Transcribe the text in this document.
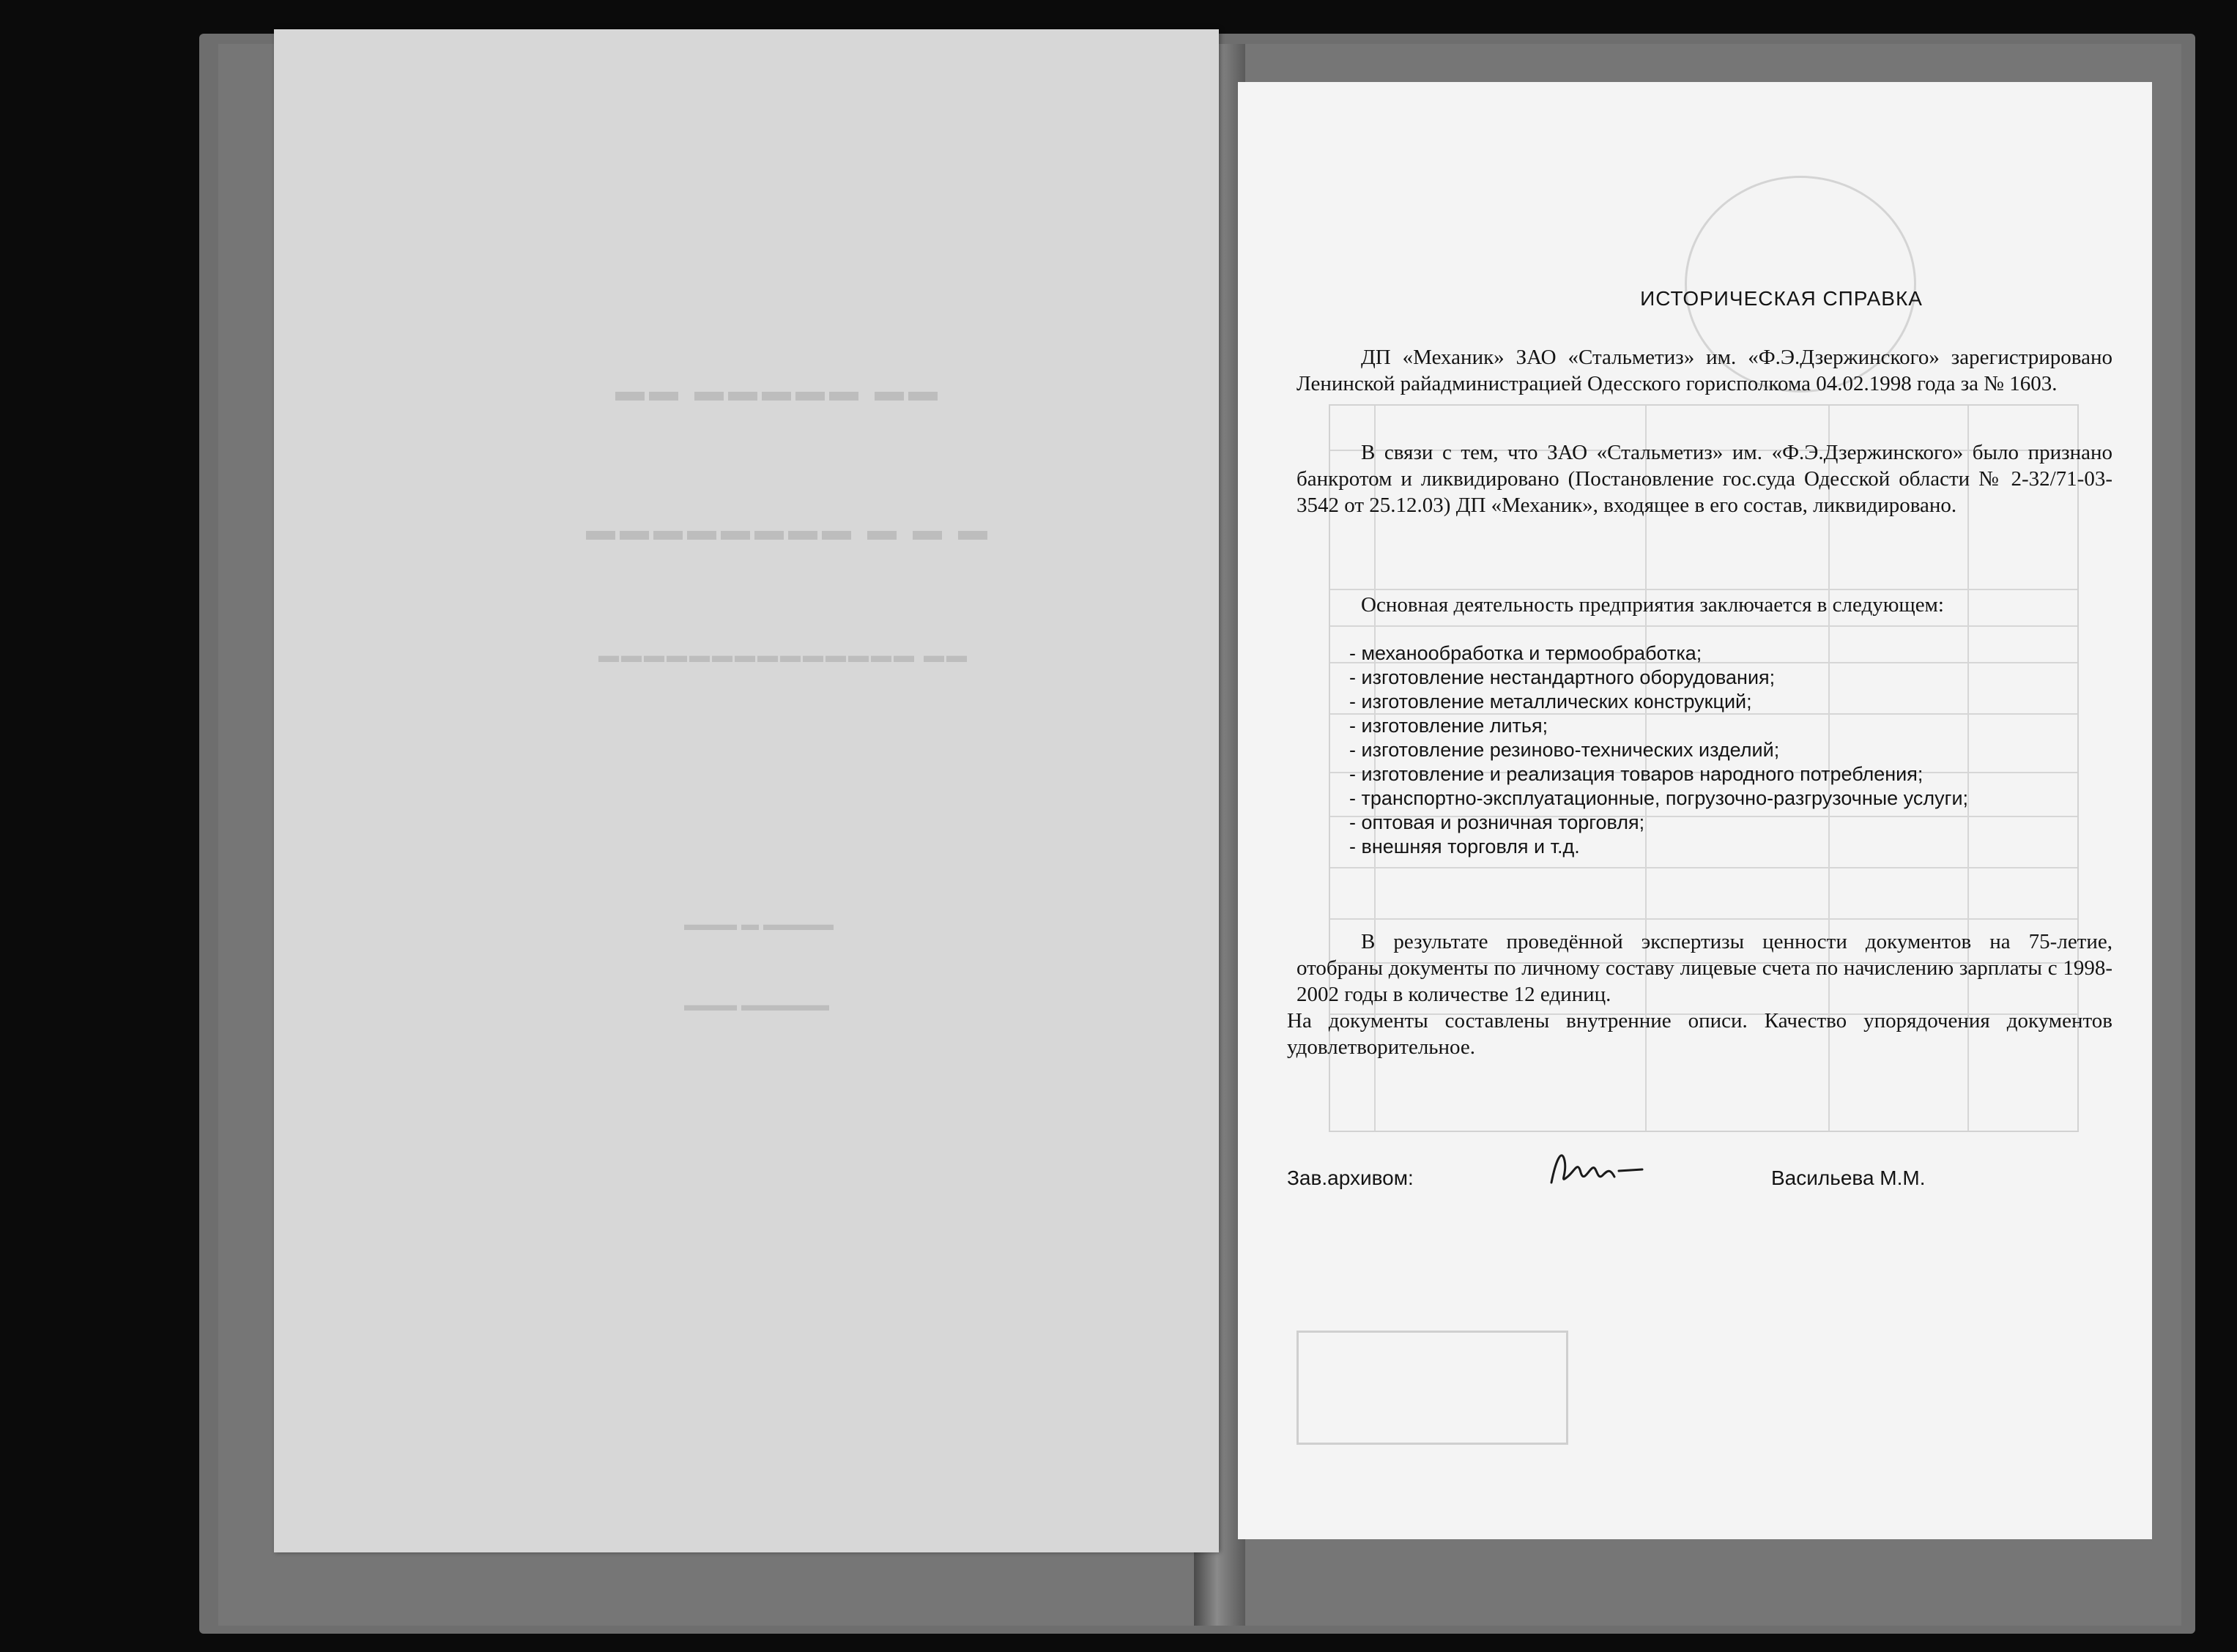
▬▬ ▬▬▬▬▬ ▬▬
▬ ▬ ▬ ▬▬▬▬▬▬▬▬
▬▬ ▬▬▬▬▬▬▬▬▬▬▬▬▬▬
▬▬▬▬ ▬ ▬▬▬
▬▬▬▬▬ ▬▬▬
ИСТОРИЧЕСКАЯ СПРАВКА
ДП «Механик» ЗАО «Стальметиз» им. «Ф.Э.Дзержинского» зарегистрировано Ленинской райадминистрацией Одесского горисполкома 04.02.1998 года за № 1603.
В связи с тем, что ЗАО «Стальметиз» им. «Ф.Э.Дзержинского» было признано банкротом и ликвидировано (Постановление гос.суда Одесской области № 2-32/71-03-3542 от 25.12.03) ДП «Механик», входящее в его состав, ликвидировано.
Основная деятельность предприятия заключается в следующем:
- механообработка и термообработка;
- изготовление нестандартного оборудования;
- изготовление металлических конструкций;
- изготовление литья;
- изготовление резиново-технических изделий;
- изготовление и реализация товаров народного потребления;
- транспортно-эксплуатационные, погрузочно-разгрузочные услуги;
- оптовая и розничная торговля;
- внешняя торговля и т.д.
В результате проведённой экспертизы ценности документов на 75-летие, отобраны документы по личному составу лицевые счета по начислению зарплаты с 1998-2002 годы в количестве 12 единиц.
На документы составлены внутренние описи. Качество упорядочения документов удовлетворительное.
Зав.архивом:	Васильева М.М.
